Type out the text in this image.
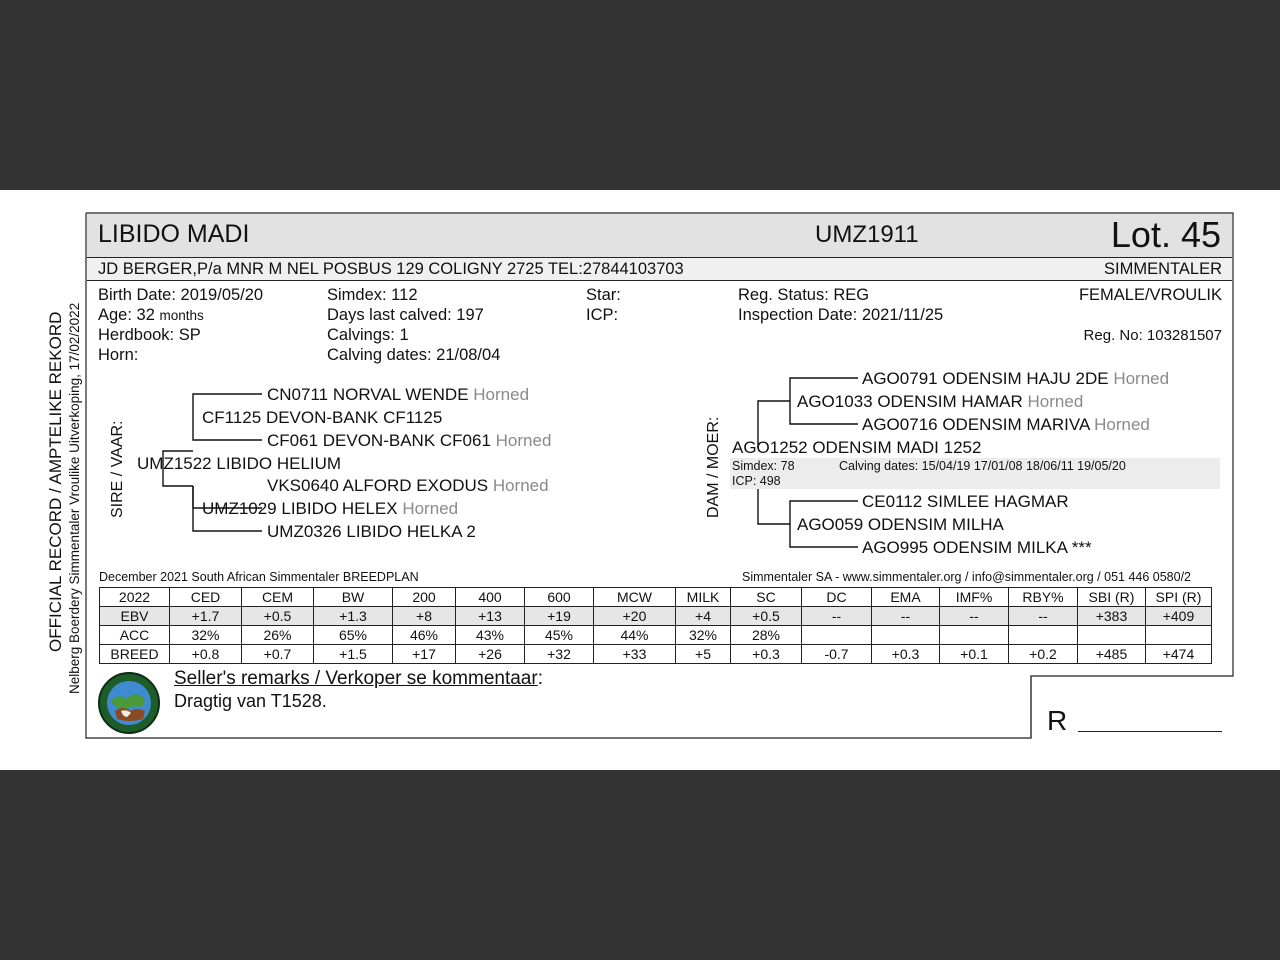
OFFICIAL RECORD / AMPTELIKE REKORD Nelberg Boerdery Simmentaler Vroulike Uitverkoping, 17/02/2022
LIBIDO MADI	UMZ1911	Lot. 45
JD BERGER,P/a MNR M NEL POSBUS 129 COLIGNY 2725 TEL:27844103703	SIMMENTALER
Birth Date: 2019/05/20
Age: 32 months
Herdbook: SP
Horn:
Simdex: 112
Days last calved: 197
Calvings: 1
Calving dates: 21/08/04
Star:
ICP:
Reg. Status: REG
Inspection Date: 2021/11/25
FEMALE/VROULIK
Reg. No: 103281507
SIRE / VAAR:	DAM / MOER:
CN0711 NORVAL WENDE Horned
CF1125 DEVON-BANK CF1125
CF061 DEVON-BANK CF061 Horned
UMZ1522 LIBIDO HELIUM
VKS0640 ALFORD EXODUS Horned
UMZ1029 LIBIDO HELEX Horned
UMZ0326 LIBIDO HELKA 2
AGO0791 ODENSIM HAJU 2DE Horned
AGO1033 ODENSIM HAMAR Horned
AGO0716 ODENSIM MARIVA Horned
AGO1252 ODENSIM MADI 1252
Simdex: 78	Calving dates: 15/04/19 17/01/08 18/06/11 19/05/20
ICP: 498
CE0112 SIMLEE HAGMAR
AGO059 ODENSIM MILHA
AGO995 ODENSIM MILKA ***
December 2021 South African Simmentaler BREEDPLAN	Simmentaler SA - www.simmentaler.org / info@simmentaler.org / 051 446 0580/2
2022	CED	CEM	BW	200	400	600	MCW	MILK	SC	DC	EMA	IMF%	RBY%	SBI (R)	SPI (R)
EBV	+1.7	+0.5	+1.3	+8	+13	+19	+20	+4	+0.5	--	--	--	--	+383	+409
ACC	32%	26%	65%	46%	43%	45%	44%	32%	28%						
BREED	+0.8	+0.7	+1.5	+17	+26	+32	+33	+5	+0.3	-0.7	+0.3	+0.1	+0.2	+485	+474
Seller's remarks / Verkoper se kommentaar:
Dragtig van T1528.
R
